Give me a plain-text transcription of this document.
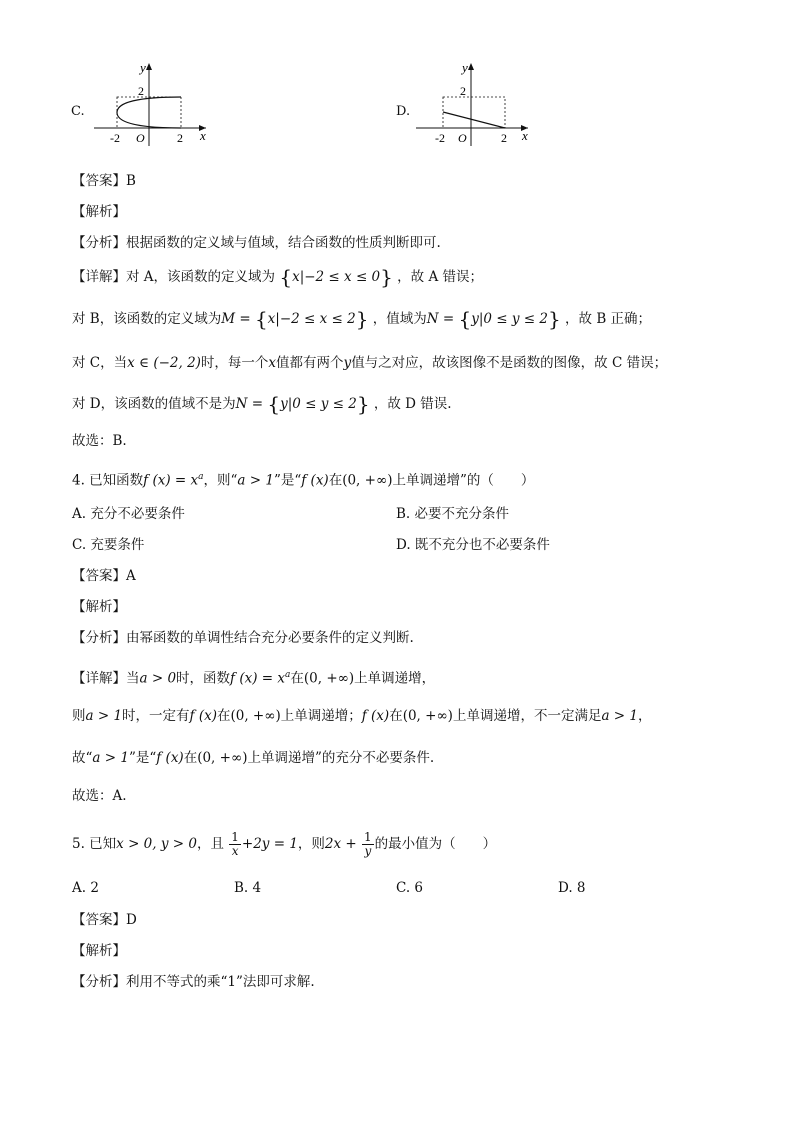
C.
y
x
2
O
-2	2
D.
y
x
2
O
-2	2
【答案】B
【解析】
【分析】根据函数的定义域与值域，结合函数的性质判断即可.
【详解】对 A，该函数的定义域为 {x|−2 ≤ x ≤ 0} ，故 A 错误；
对 B，该函数的定义域为M = {x|−2 ≤ x ≤ 2} ，值域为N = {y|0 ≤ y ≤ 2} ，故 B 正确；
对 C，当x ∈ (−2, 2)时，每一个x值都有两个y值与之对应，故该图像不是函数的图像，故 C 错误；
对 D，该函数的值域不是为N = {y|0 ≤ y ≤ 2} ，故 D 错误.
故选：B.
4. 已知函数f $(x) = x^a$，则“a > 1”是“f (x)在(0, +∞)上单调递增”的（　　）
A. 充分不必要条件	B. 必要不充分条件
C. 充要条件	D. 既不充分也不必要条件
【答案】A
【解析】
【分析】由幂函数的单调性结合充分必要条件的定义判断.
【详解】当a > 0时，函数f $(x) = x^a$在(0, +∞)上单调递增，
则a > 1时，一定有f (x)在(0, +∞)上单调递增；f (x)在(0, +∞)上单调递增，不一定满足a > 1，
故“a > 1”是“f (x)在(0, +∞)上单调递增”的充分不必要条件.
故选：A.
5. 已知x > 0, y > 0，且 $\frac{1}{x} +2y = 1$，则$2x + \frac{1}{y}$ 的最小值为（　　）
A. 2	B. 4	C. 6	D. 8
【答案】D
【解析】
【分析】利用不等式的乘“1”法即可求解.
